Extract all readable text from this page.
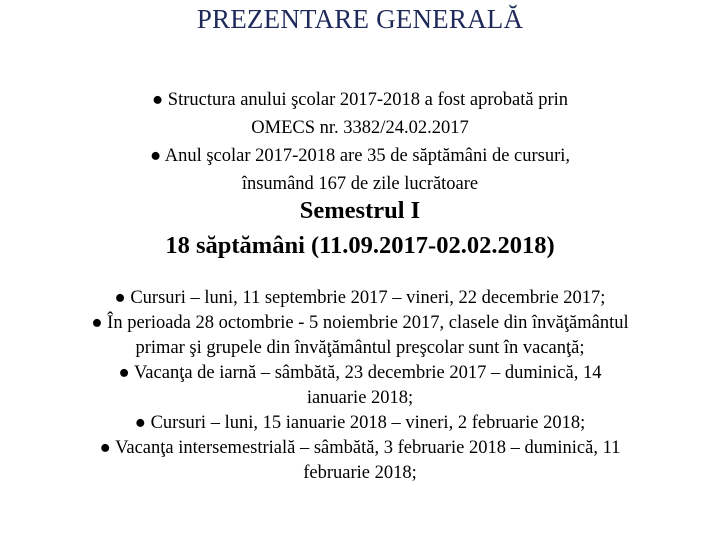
PREZENTARE GENERALĂ
● Structura anului şcolar 2017-2018 a fost aprobată prin
OMECS nr. 3382/24.02.2017
● Anul şcolar 2017-2018 are 35 de săptămâni de cursuri,
însumând 167 de zile lucrătoare
Semestrul I
18 săptămâni (11.09.2017-02.02.2018)
● Cursuri – luni, 11 septembrie 2017 – vineri, 22 decembrie 2017;
● În perioada 28 octombrie - 5 noiembrie 2017, clasele din învăţământul
primar şi grupele din învăţământul preşcolar sunt în vacanţă;
● Vacanţa de iarnă – sâmbătă, 23 decembrie 2017 – duminică, 14
ianuarie 2018;
● Cursuri – luni, 15 ianuarie 2018 – vineri, 2 februarie 2018;
● Vacanţa intersemestrială – sâmbătă, 3 februarie 2018 – duminică, 11
februarie 2018;
